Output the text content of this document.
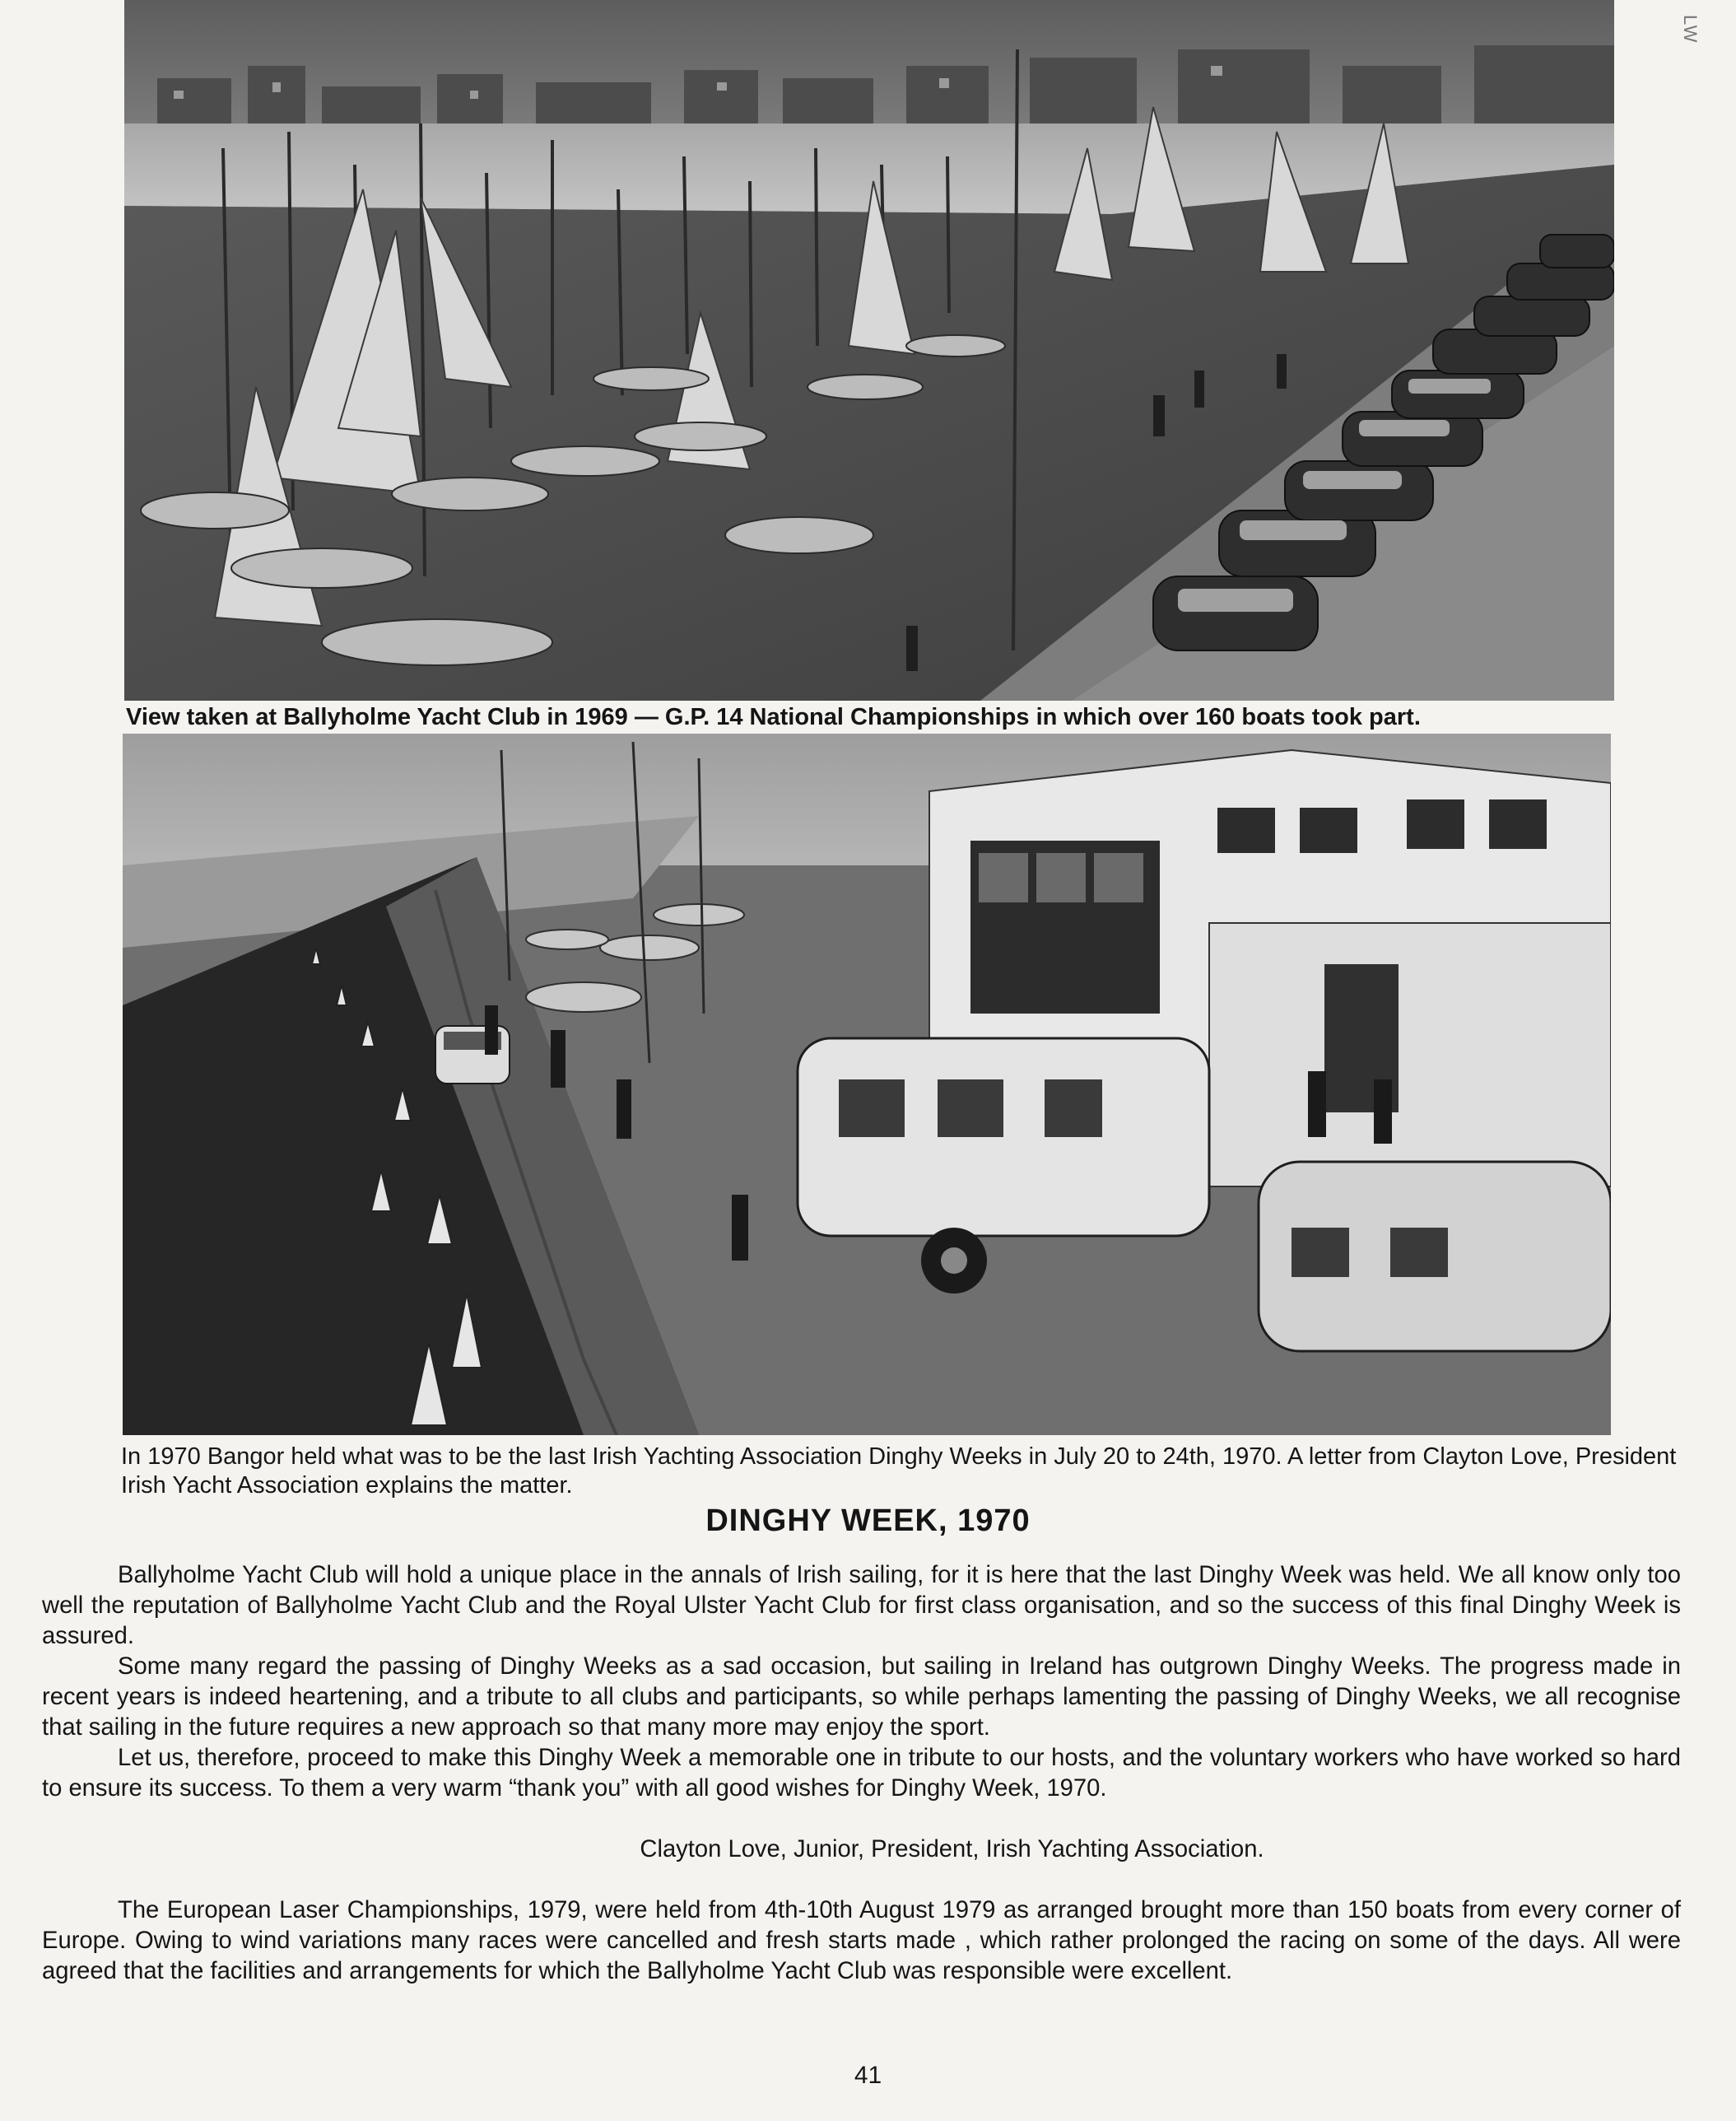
LW
View taken at Ballyholme Yacht Club in 1969 — G.P. 14 National Championships in which over 160 boats took part.
In 1970 Bangor held what was to be the last Irish Yachting Association Dinghy Weeks in July 20 to 24th, 1970. A letter from Clayton Love, President Irish Yacht Association explains the matter.
DINGHY WEEK, 1970

Ballyholme Yacht Club will hold a unique place in the annals of Irish sailing, for it is here that the last Dinghy Week was held. We all know only too well the reputation of Ballyholme Yacht Club and the Royal Ulster Yacht Club for first class organisation, and so the success of this final Dinghy Week is assured.

Some many regard the passing of Dinghy Weeks as a sad occasion, but sailing in Ireland has outgrown Dinghy Weeks. The progress made in recent years is indeed heartening, and a tribute to all clubs and participants, so while perhaps lamenting the passing of Dinghy Weeks, we all recognise that sailing in the future requires a new approach so that many more may enjoy the sport.

Let us, therefore, proceed to make this Dinghy Week a memorable one in tribute to our hosts, and the voluntary workers who have worked so hard to ensure its success. To them a very warm “thank you” with all good wishes for Dinghy Week, 1970.

Clayton Love, Junior, President, Irish Yachting Association.

The European Laser Championships, 1979, were held from 4th-10th August 1979 as arranged brought more than 150 boats from every corner of Europe. Owing to wind variations many races were cancelled and fresh starts made , which rather prolonged the racing on some of the days. All were agreed that the facilities and arrangements for which the Ballyholme Yacht Club was responsible were excellent.

41
